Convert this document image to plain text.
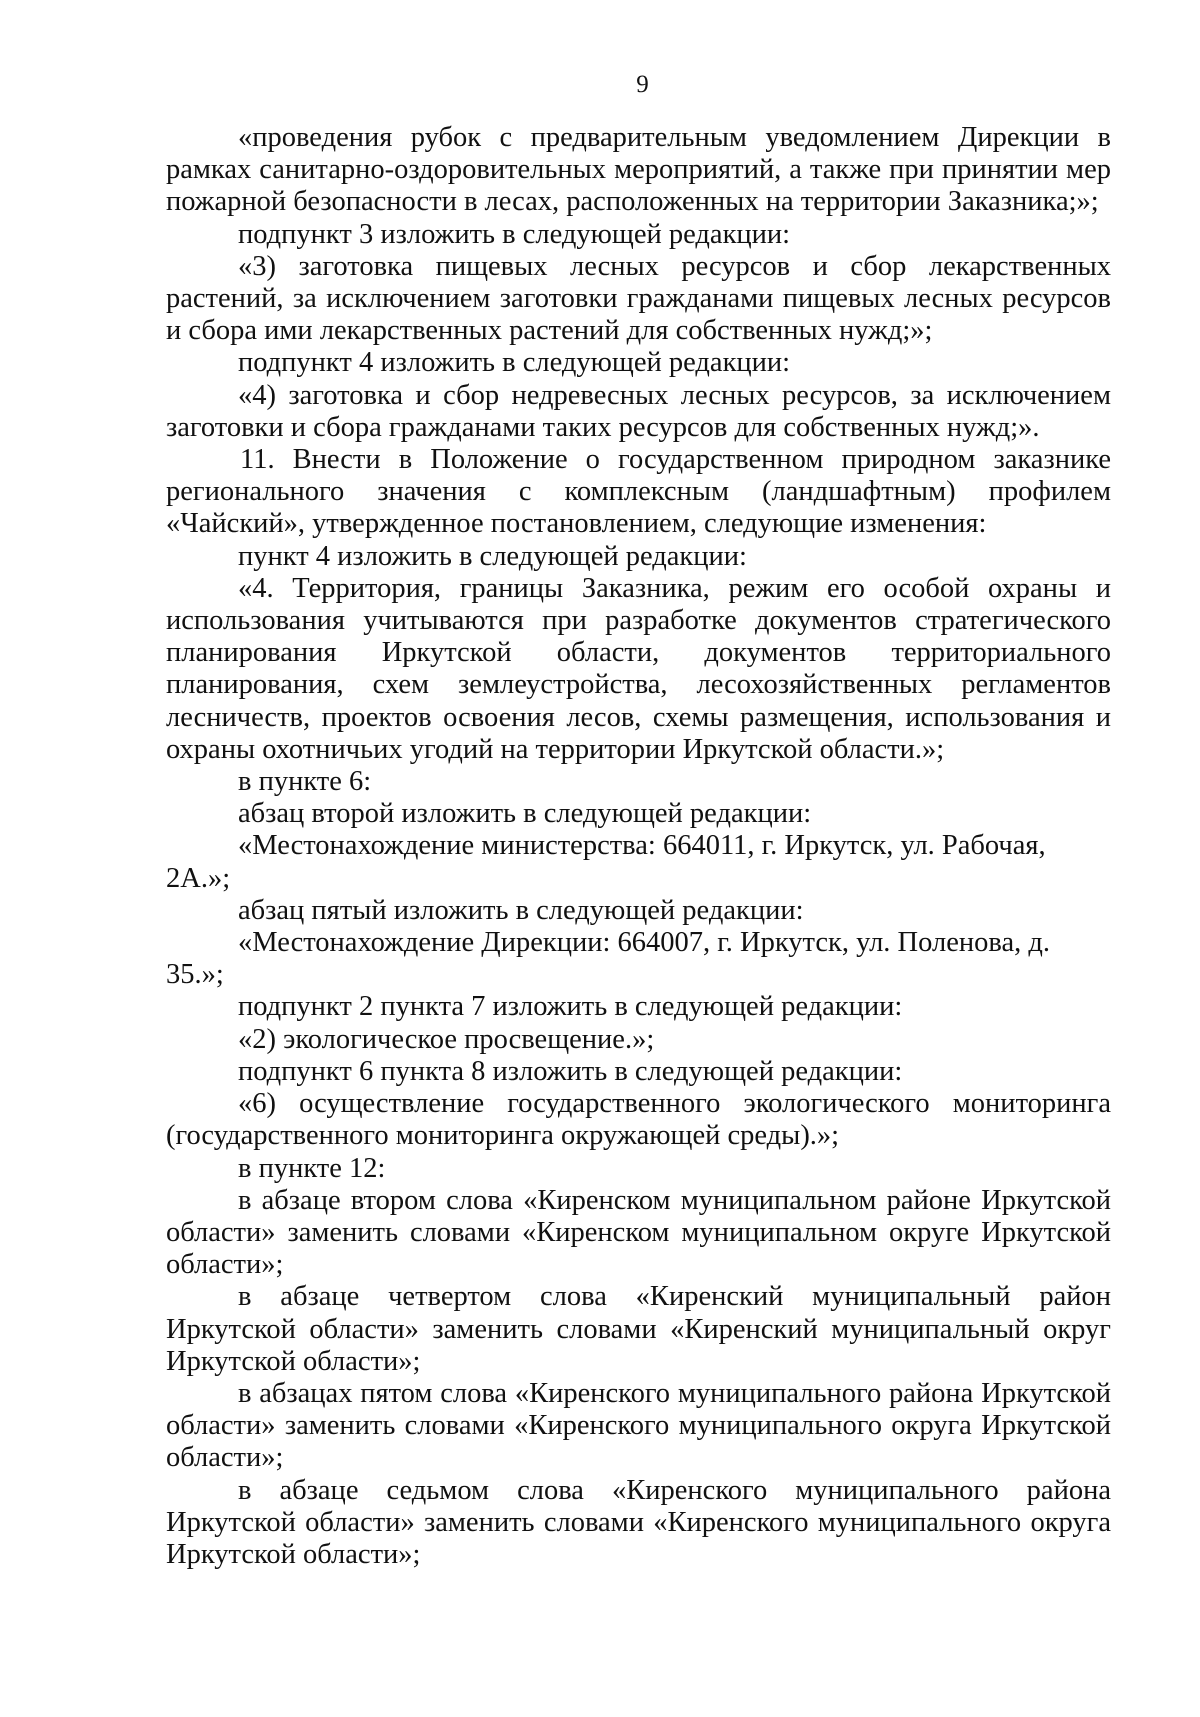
9

«проведения рубок с предварительным уведомлением Дирекции в рамках санитарно-оздоровительных мероприятий, а также при принятии мер пожарной безопасности в лесах, расположенных на территории Заказника;»;

подпункт 3 изложить в следующей редакции:

«3) заготовка пищевых лесных ресурсов и сбор лекарственных растений, за исключением заготовки гражданами пищевых лесных ресурсов и сбора ими лекарственных растений для собственных нужд;»;

подпункт 4 изложить в следующей редакции:

«4) заготовка и сбор недревесных лесных ресурсов, за исключением заготовки и сбора гражданами таких ресурсов для собственных нужд;».

11. Внести в Положение о государственном природном заказнике регионального значения с комплексным (ландшафтным) профилем «Чайский», утвержденное постановлением, следующие изменения:

пункт 4 изложить в следующей редакции:

«4. Территория, границы Заказника, режим его особой охраны и использования учитываются при разработке документов стратегического планирования Иркутской области, документов территориального планирования, схем землеустройства, лесохозяйственных регламентов лесничеств, проектов освоения лесов, схемы размещения, использования и охраны охотничьих угодий на территории Иркутской области.»;

в пункте 6:

абзац второй изложить в следующей редакции:

«Местонахождение министерства: 664011, г. Иркутск, ул. Рабочая, 2А.»;

абзац пятый изложить в следующей редакции:

«Местонахождение Дирекции: 664007, г. Иркутск, ул. Поленова, д. 35.»;

подпункт 2 пункта 7 изложить в следующей редакции:

«2) экологическое просвещение.»;

подпункт 6 пункта 8 изложить в следующей редакции:

«6) осуществление государственного экологического мониторинга (государственного мониторинга окружающей среды).»;

в пункте 12:

в абзаце втором слова «Киренском муниципальном районе Иркутской области» заменить словами «Киренском муниципальном округе Иркутской области»;

в абзаце четвертом слова «Киренский муниципальный район Иркутской области» заменить словами «Киренский муниципальный округ Иркутской области»;

в абзацах пятом слова «Киренского муниципального района Иркутской области» заменить словами «Киренского муниципального округа Иркутской области»;

в абзаце седьмом слова «Киренского муниципального района Иркутской области» заменить словами «Киренского муниципального округа Иркутской области»;
